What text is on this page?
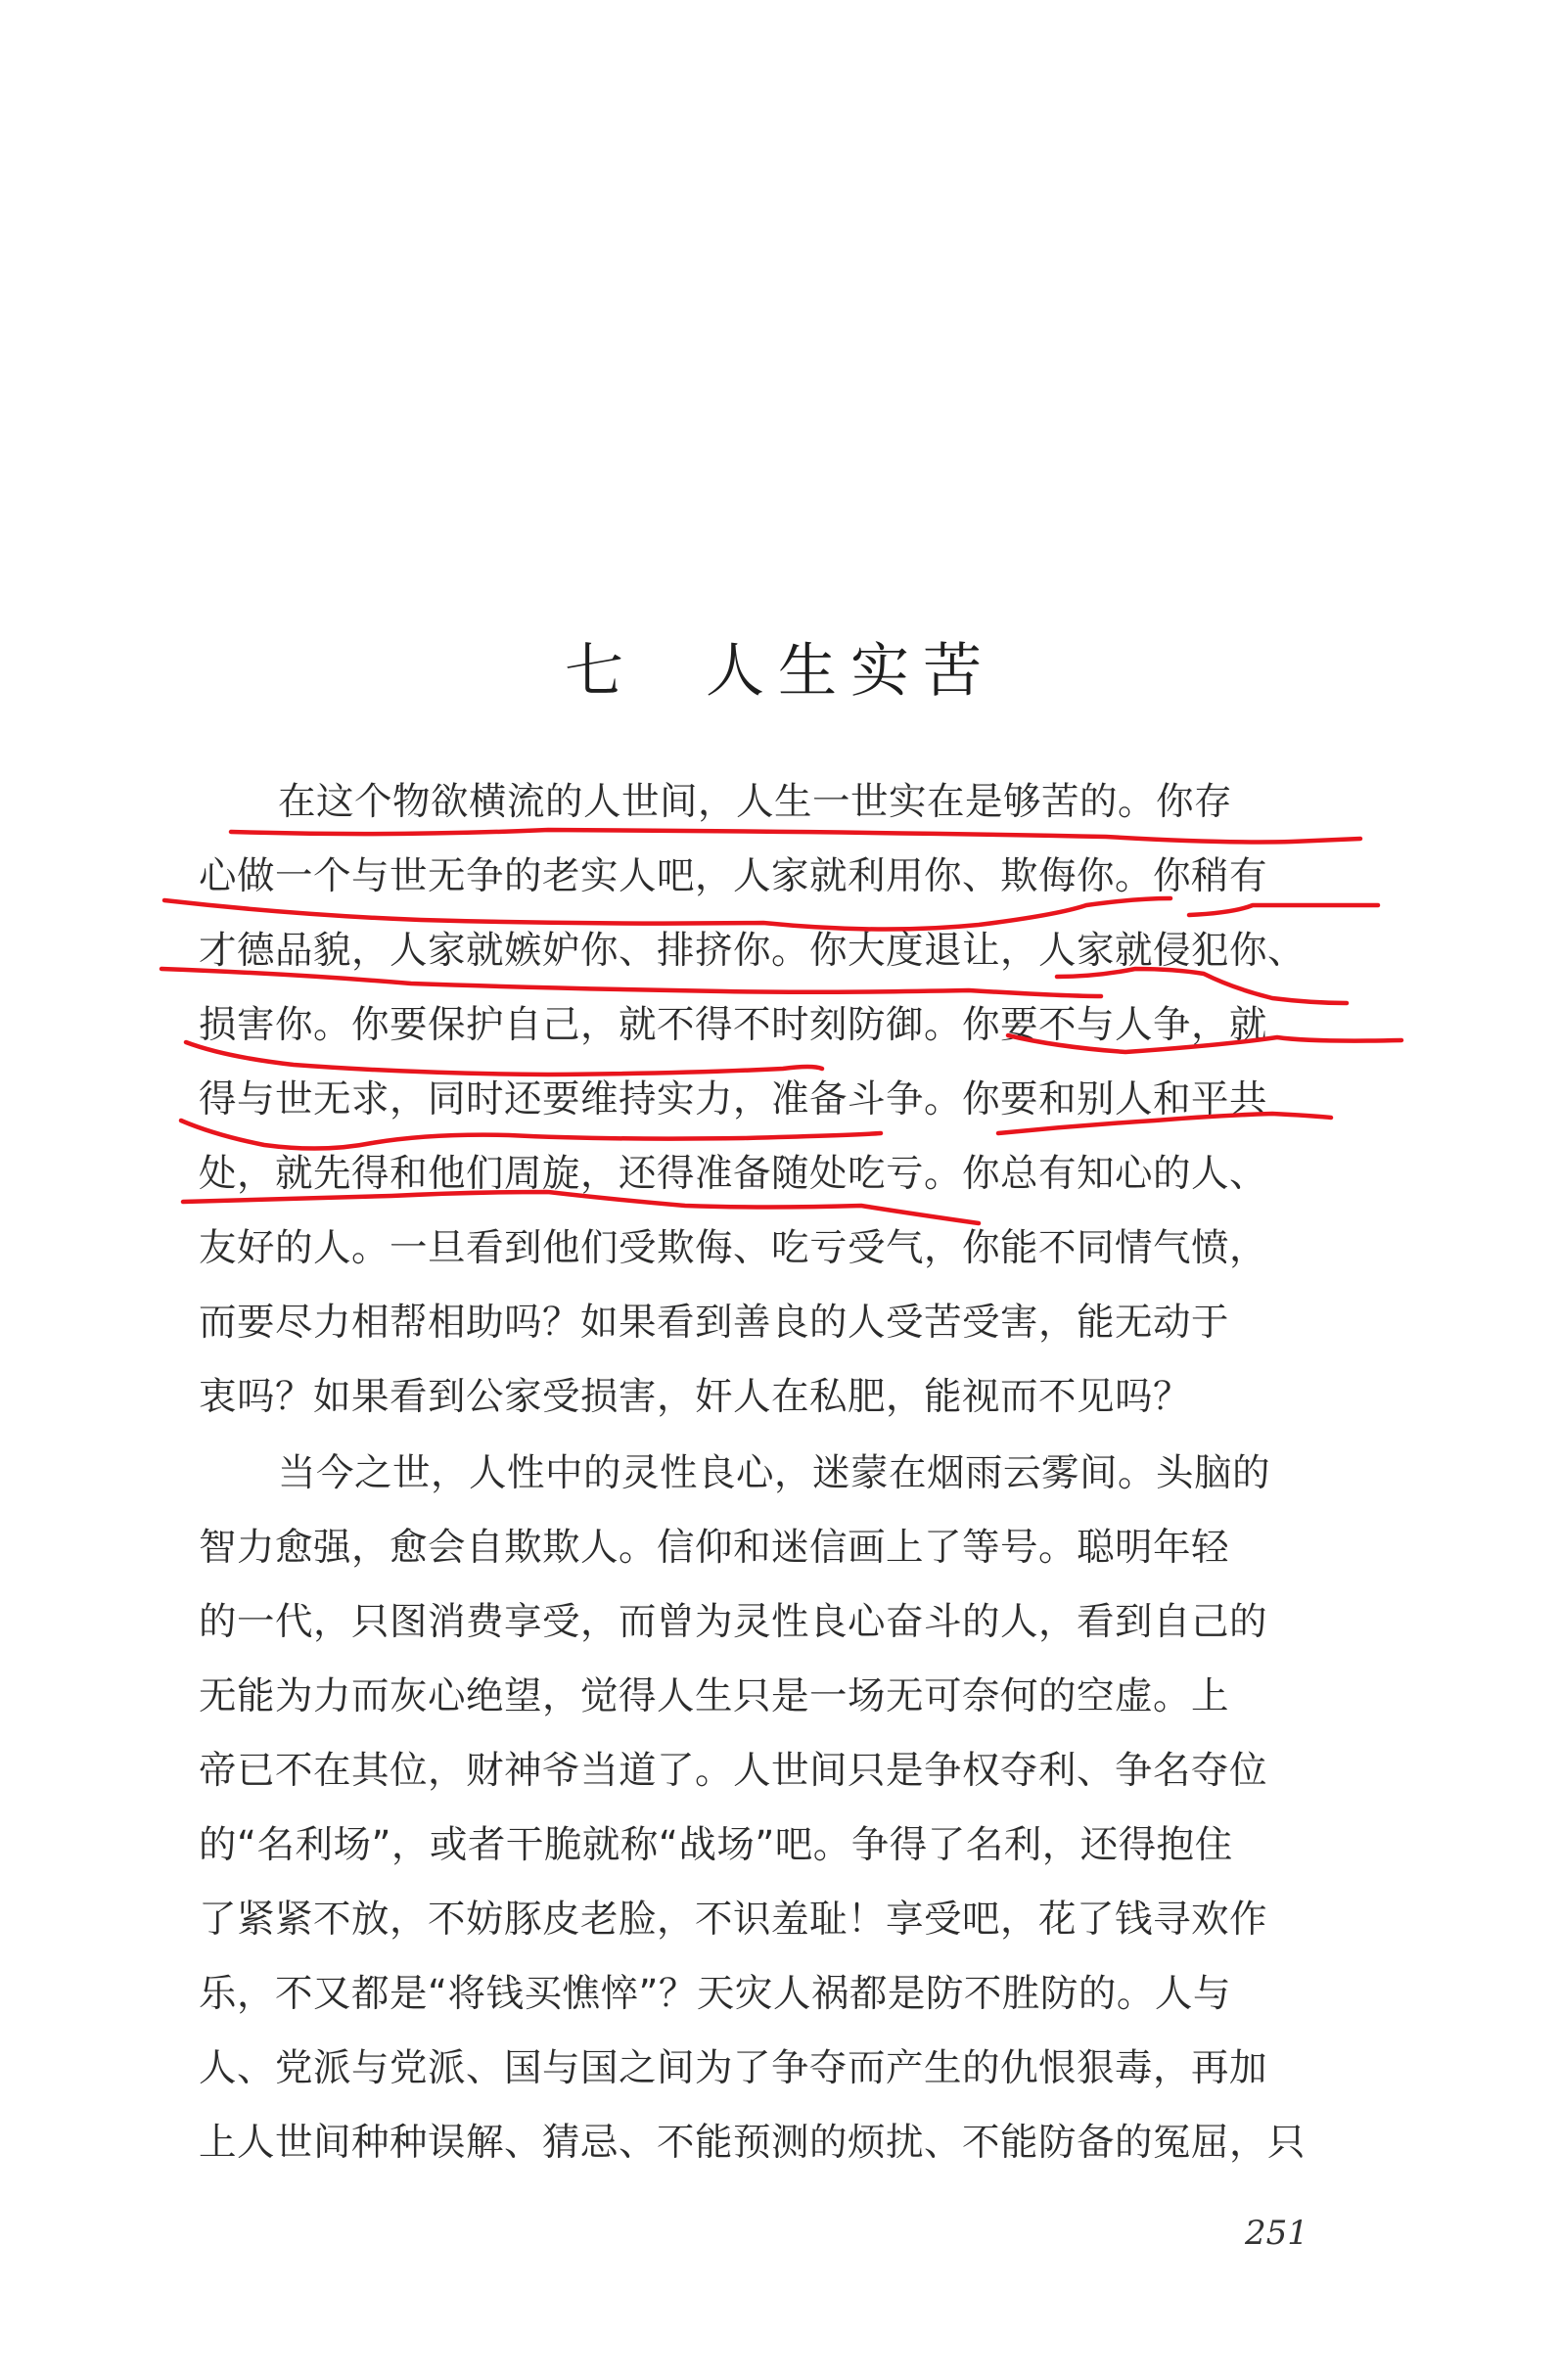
七 人生实苦
在这个物欲横流的人世间，人生一世实在是够苦的。你存
心做一个与世无争的老实人吧，人家就利用你、欺侮你。你稍有
才德品貌，人家就嫉妒你、排挤你。你大度退让，人家就侵犯你、
损害你。你要保护自己，就不得不时刻防御。你要不与人争，就
得与世无求，同时还要维持实力，准备斗争。你要和别人和平共
处，就先得和他们周旋，还得准备随处吃亏。你总有知心的人、
友好的人。一旦看到他们受欺侮、吃亏受气，你能不同情气愤，
而要尽力相帮相助吗？如果看到善良的人受苦受害，能无动于
衷吗？如果看到公家受损害，奸人在私肥，能视而不见吗？
当今之世，人性中的灵性良心，迷蒙在烟雨云雾间。头脑的
智力愈强，愈会自欺欺人。信仰和迷信画上了等号。聪明年轻
的一代，只图消费享受，而曾为灵性良心奋斗的人，看到自己的
无能为力而灰心绝望，觉得人生只是一场无可奈何的空虚。上
帝已不在其位，财神爷当道了。人世间只是争权夺利、争名夺位
的“名利场”，或者干脆就称“战场”吧。争得了名利，还得抱住
了紧紧不放，不妨豚皮老脸，不识羞耻！享受吧，花了钱寻欢作
乐，不又都是“将钱买憔悴”？天灾人祸都是防不胜防的。人与
人、党派与党派、国与国之间为了争夺而产生的仇恨狠毒，再加
上人世间种种误解、猜忌、不能预测的烦扰、不能防备的冤屈，只
251
